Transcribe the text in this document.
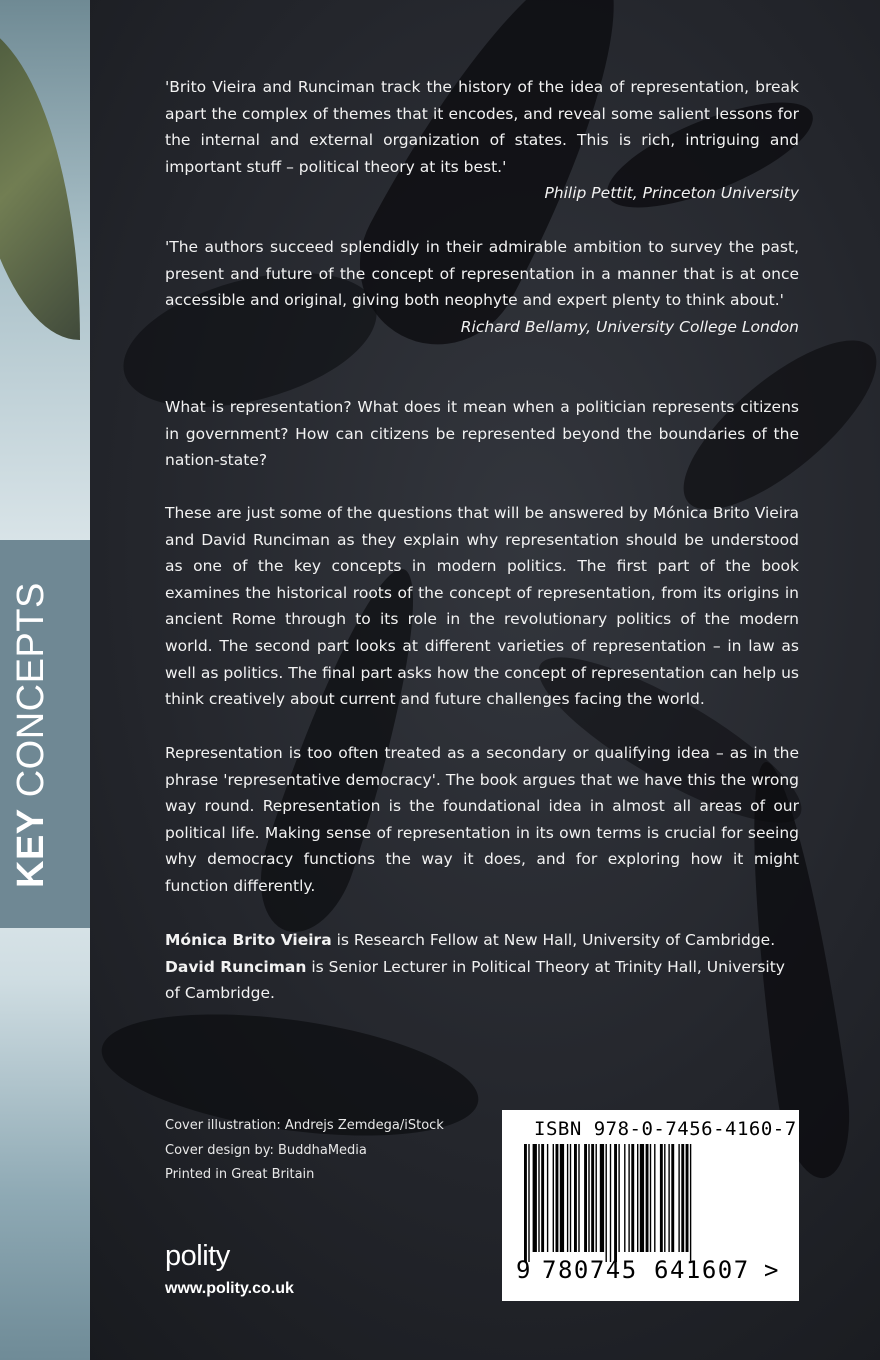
KEY CONCEPTS

'Brito Vieira and Runciman track the history of the idea of representation, break apart the complex of themes that it encodes, and reveal some salient lessons for the internal and external organization of states. This is rich, intriguing and important stuff – political theory at its best.'

Philip Pettit, Princeton University

'The authors succeed splendidly in their admirable ambition to survey the past, present and future of the concept of representation in a manner that is at once accessible and original, giving both neophyte and expert plenty to think about.'

Richard Bellamy, University College London

What is representation? What does it mean when a politician represents citizens in government? How can citizens be represented beyond the boundaries of the nation-state?

These are just some of the questions that will be answered by Mónica Brito Vieira and David Runciman as they explain why representation should be understood as one of the key concepts in modern politics. The first part of the book examines the historical roots of the concept of representation, from its origins in ancient Rome through to its role in the revolutionary politics of the modern world. The second part looks at different varieties of representation – in law as well as politics. The final part asks how the concept of representation can help us think creatively about current and future challenges facing the world.

Representation is too often treated as a secondary or qualifying idea – as in the phrase 'representative democracy'. The book argues that we have this the wrong way round. Representation is the foundational idea in almost all areas of our political life. Making sense of representation in its own terms is crucial for seeing why democracy functions the way it does, and for exploring how it might function differently.

Mónica Brito Vieira is Research Fellow at New Hall, University of Cambridge.

David Runciman is Senior Lecturer in Political Theory at Trinity Hall, University of Cambridge.

Cover illustration: Andrejs Zemdega/iStock
Cover design by: BuddhaMedia
Printed in Great Britain
polity
www.polity.co.uk
ISBN 978-0-7456-4160-7
9 780745 641607 >
